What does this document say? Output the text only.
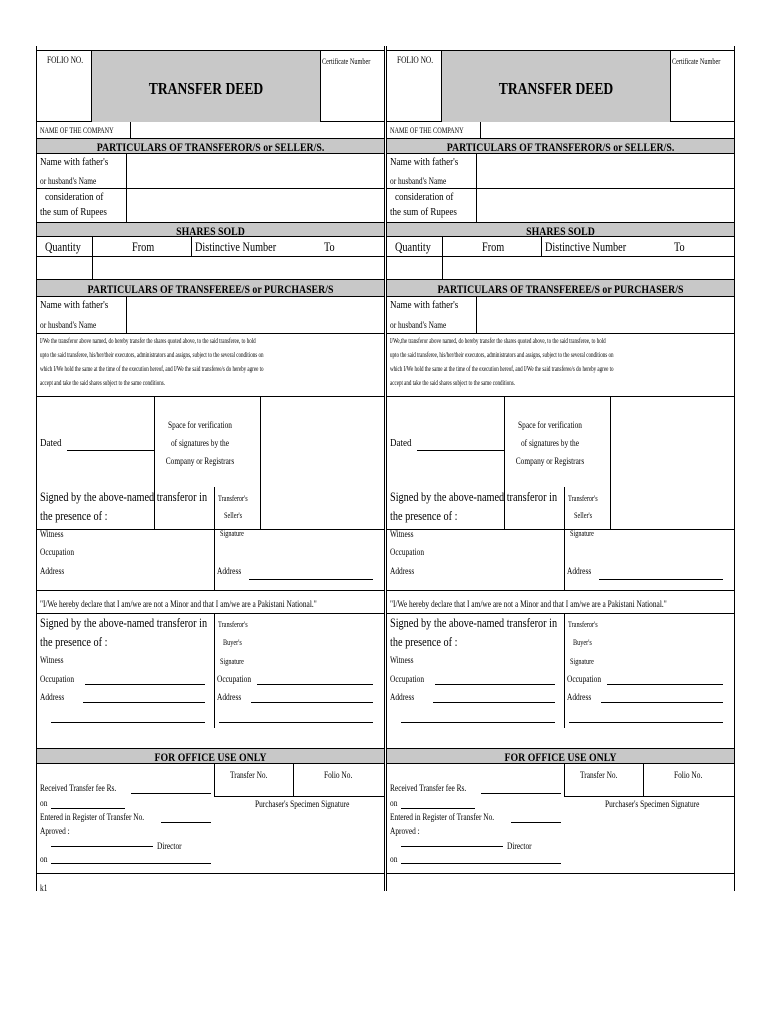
FOLIO NO.
TRANSFER DEED
Certificate Number
NAME OF THE COMPANY
PARTICULARS OF TRANSFEROR/S or SELLER/S.
Name with father's
or husband's Name
consideration of
the sum of Rupees
SHARES SOLD
Quantity	From	Distinctive Number	To
PARTICULARS OF TRANSFEREE/S or PURCHASER/S
Name with father's
or husband's Name
I/We the transferor above named, do hereby transfer the shares quoted above, to the said transferee, to hold
upto the said transferee, his/her/their executors, administrators and assigns, subject to the several conditions on
which I/We hold the same at the time of the execution hereof, and I/We the said transferee/s do hereby agree to
accept and take the said shares subject to the same conditions.
Dated
Space for verification
of signatures by the
Company or Registrars
Signed by the above-named transferor in
the presence of :
Witness
Occupation
Address
Transferor's
Seller's
Signature
Address
"I/We hereby declare that I am/we are not a Minor and that I am/we are a Pakistani National."
Signed by the above-named transferor in
the presence of :
Witness
Occupation
Address
Transferor's
Buyer's
Signature
Occupation
Address
FOR OFFICE USE ONLY
Transfer No.	Folio No.
Purchaser's Specimen Signature
Received Transfer fee Rs.
on
Entered in Register of Transfer No.
Aproved :
Director
on
k1
FOLIO NO.
TRANSFER DEED
Certificate Number
NAME OF THE COMPANY
PARTICULARS OF TRANSFEROR/S or SELLER/S.
Name with father's
or husband's Name
consideration of
the sum of Rupees
SHARES SOLD
Quantity	From	Distinctive Number	To
PARTICULARS OF TRANSFEREE/S or PURCHASER/S
Name with father's
or husband's Name
I/We,the transferor above named, do hereby transfer the shares quoted above, to the said transferee, to hold
upto the said transferee, his/her/their executors, administrators and assigns, subject to the several conditions on
which I/We hold the same at the time of the execution hereof, and I/We the said transferee/s do hereby agree to
accept and take the said shares subject to the same conditions.
Dated
Space for verification
of signatures by the
Company or Registrars
Signed by the above-named transferor in
the presence of :
Witness
Occupation
Address
Transferor's
Seller's
Signature
Address
"I/We hereby declare that I am/we are not a Minor and that I am/we are a Pakistani National."
Signed by the above-named transferor in
the presence of :
Witness
Occupation
Address
Transferor's
Buyer's
Signature
Occupation
Address
FOR OFFICE USE ONLY
Transfer No.	Folio No.
Purchaser's Specimen Signature
Received Transfer fee Rs.
on
Entered in Register of Transfer No.
Aproved :
Director
on
